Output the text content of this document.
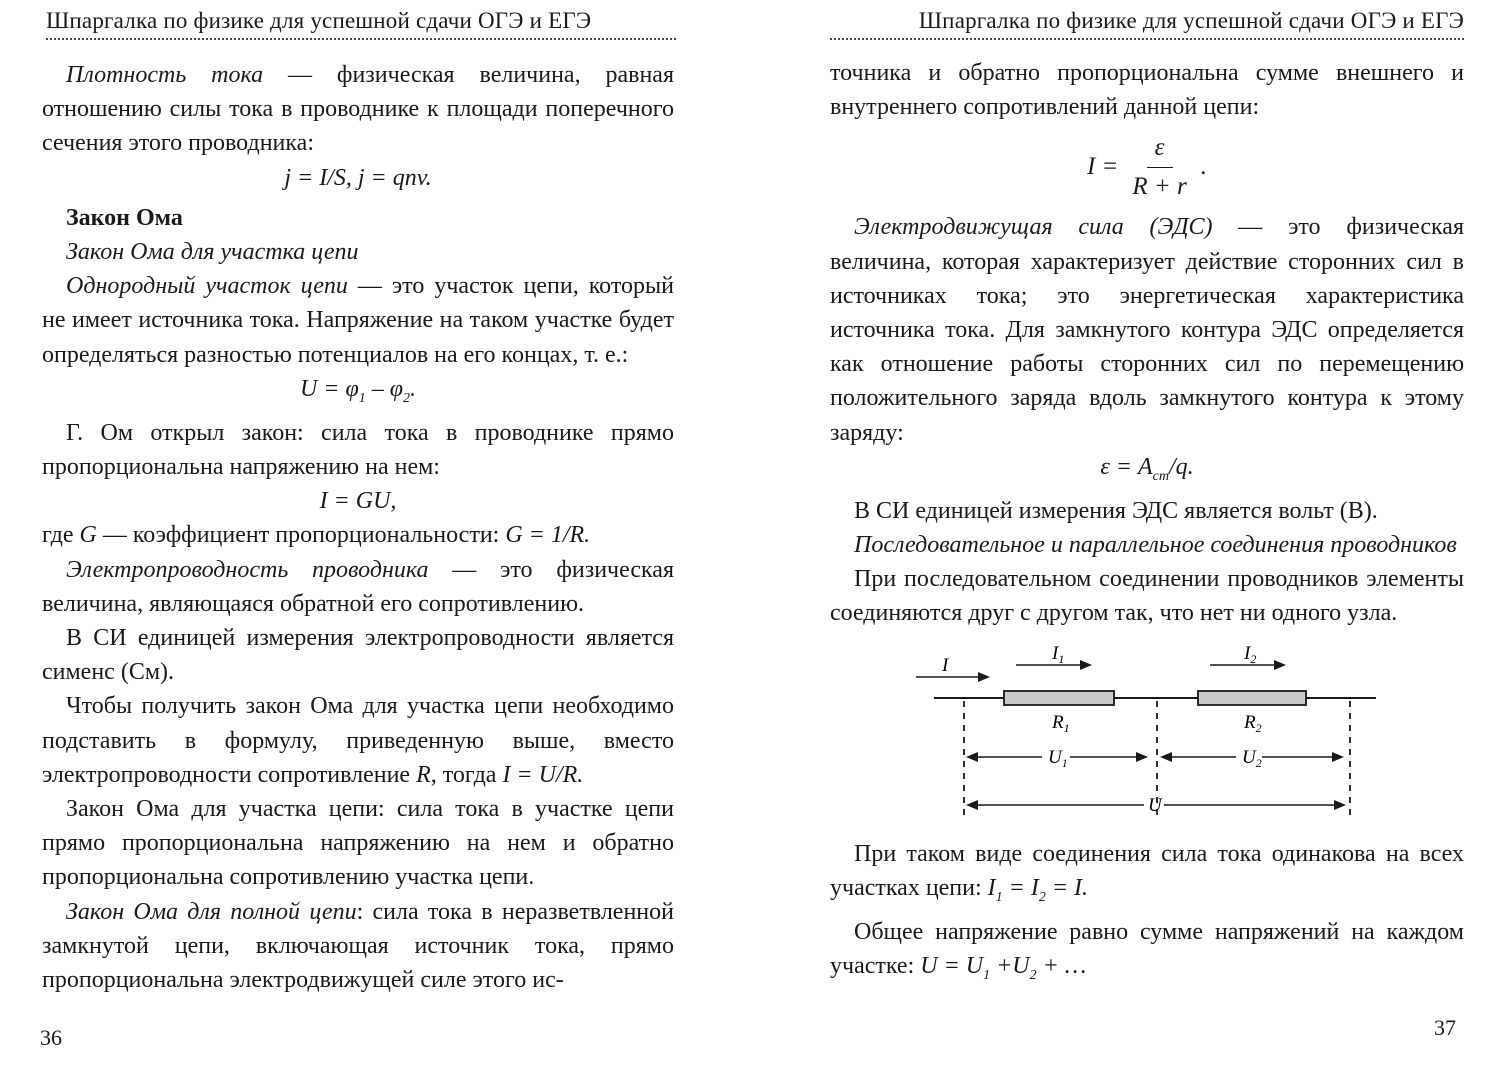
Шпаргалка по физике для успешной сдачи ОГЭ и ЕГЭ

Плотность тока — физическая величина, равная отношению силы тока в проводнике к площади поперечного сечения этого проводника:

j = I/S, j = qnv.

Закон Ома

Закон Ома для участка цепи

Однородный участок цепи — это участок цепи, который не имеет источника тока. Напряжение на таком участке будет определяться разностью потенциалов на его концах, т. е.:

$U = \varphi_1 - \varphi_2$.

Г. Ом открыл закон: сила тока в проводнике прямо пропорциональна напряжению на нем:

I = GU,

где G — коэффициент пропорциональности: G = 1/R.

Электропроводность проводника — это физическая величина, являющаяся обратной его сопротивлению.

В СИ единицей измерения электропроводности является сименс (См).

Чтобы получить закон Ома для участка цепи необходимо подставить в формулу, приведенную выше, вместо электропроводности сопротивление R, тогда I = U/R.

Закон Ома для участка цепи: сила тока в участке цепи прямо пропорциональна напряжению на нем и обратно пропорциональна сопротивлению участка цепи.

Закон Ома для полной цепи: сила тока в неразветвленной замкнутой цепи, включающая источник тока, прямо пропорциональна электродвижущей силе этого ис-

36
Шпаргалка по физике для успешной сдачи ОГЭ и ЕГЭ

точника и обратно пропорциональна сумме внешнего и внутреннего сопротивлений данной цепи:

$I = \frac{\varepsilon}{R + r}$ .

Электродвижущая сила (ЭДС) — это физическая величина, которая характеризует действие сторонних сил в источниках тока; это энергетическая характеристика источника тока. Для замкнутого контура ЭДС определяется как отношение работы сторонних сил по перемещению положительного заряда вдоль замкнутого контура к этому заряду:

$\varepsilon = A_{cm}/q$.

В СИ единицей измерения ЭДС является вольт (В).

Последовательное и параллельное соединения проводников

При последовательном соединении проводников элементы соединяются друг с другом так, что нет ни одного узла.

I
$I_1$	$I_2$
$R_1$	$R_2$
$U_1$	$U_2$
U

При таком виде соединения сила тока одинакова на всех участках цепи: $I_1 = I_2 = I$.

Общее напряжение равно сумме напряжений на каждом участке: $U = U_1 +U_2$ + …

37
